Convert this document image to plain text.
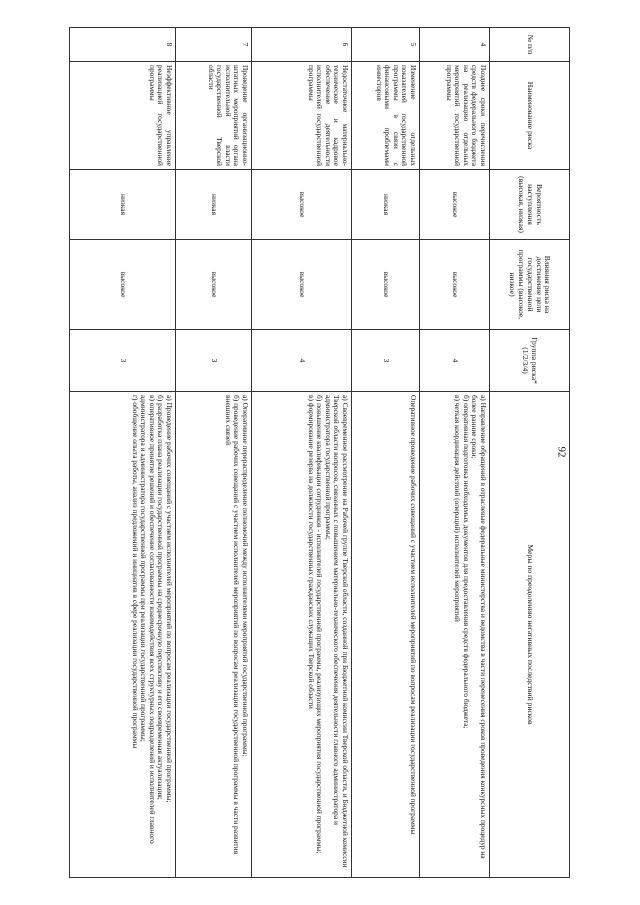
92
№ п/п	Наименование риска	Вероятность наступления (высокая, низкая)	Влияния риска на достижение цели государственной программы (высокое, низкое)	Группа риска* (1/2/3/4)	Меры по преодолению негативных последствий рисков
4	Позднее сроки перечисления средств федерального бюджета на реализацию отдельных мероприятий государственной программы	высокое	высокое	4	а) Направление обращений в отраслевые федеральные министерства и ведомства в части перенесения сроков проведения конкурсных процедур на более ранние сроки;
б) оперативная подготовка необходимых документов для предоставления средств федерального бюджета;
в) четкая координация действий (операций) исполнителей мероприятий

5	Изменение отдельных показателей государственной программы в связи с финансовыми проблемами инвесторов	низкая	высокое	3	Оперативное проведение рабочих совещаний с участием исполнителей мероприятий по вопросам реализации государственной программы

6	Недостаточное материально-техническое и кадровое обеспечение деятельности исполнителей государственной программы	высокое	высокое	4	а) Своевременное рассмотрение на Рабочей группе Тверской области, созданной при Бюджетной комиссии Тверской области, и Бюджетной комиссии Тверской области вопросов, связанных с повышением материально-технического обеспечения деятельности главного администратора и администратора государственной программы;
б) повышение квалификации сотрудников - исполнителей государственной программы, реализующих мероприятия государственной программы;
в) формирование резерва на должности государственных гражданских служащих Тверской области

7	Проведение организационно-штатных мероприятий органа исполнительной власти государственной Тверской области	низкая	высокое	3	а) Оперативное перераспределение полномочий между исполнителями мероприятий государственной программы;
б) проведение рабочих совещаний с участием исполнителей мероприятий по вопросам реализации государственной программы в части развития внешних связей

8	Неэффективное управление реализацией государственной программы	низкая	высокое	3	а) Проведение рабочих совещаний с участием исполнителей мероприятий по вопросам реализации государственной программы;
б) разработка плана реализации государственной программы на среднесрочную перспективу и его своевременная актуализация;
в) оперативное принятие решений и обеспечение согласованности взаимодействия всех структурных подразделений и исполнителей главного администратора и администратора государственной программы при реализации государственной программы;
г) обобщение опыта работы, анализ предложений и инициатив в сфере реализации государственной программы
